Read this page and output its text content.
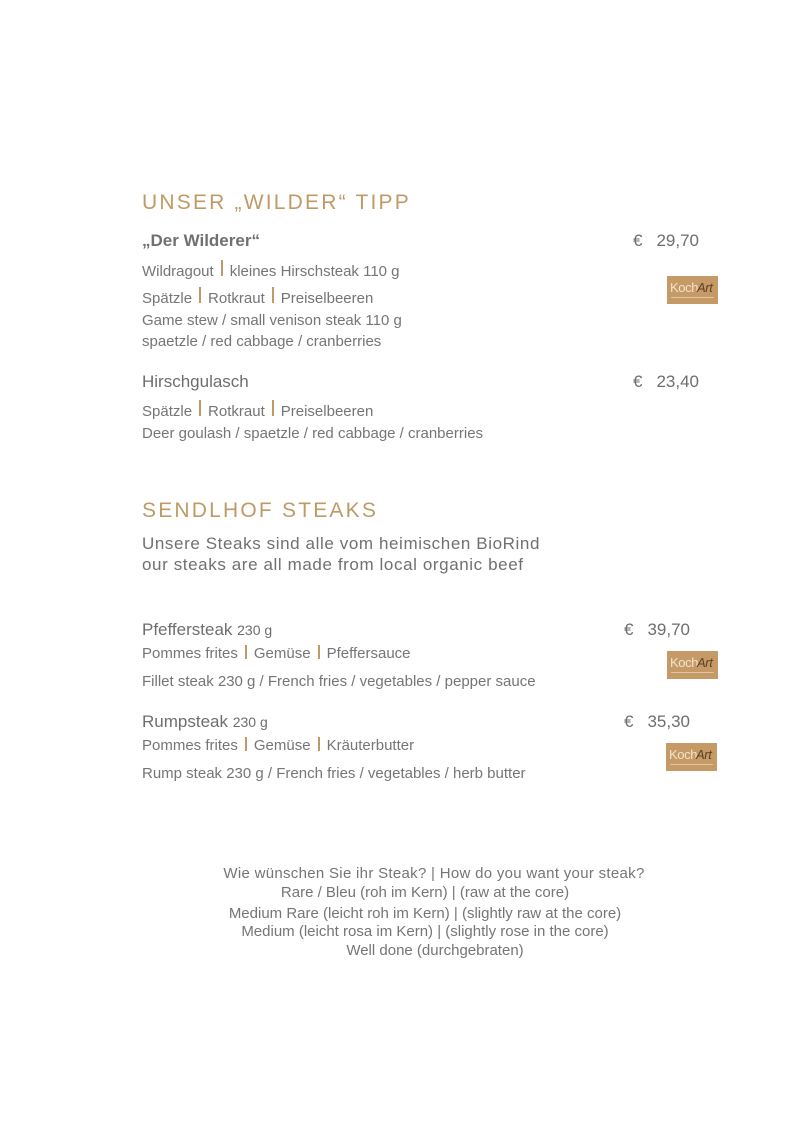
UNSER „WILDER“ TIPP
„Der Wilderer“	€ 29,70
Wildragout kleines Hirschsteak 110 g
Spätzle Rotkraut Preiselbeeren
Koch
Art
Game stew / small venison steak 110 g
spaetzle / red cabbage / cranberries
Hirschgulasch	€ 23,40
Spätzle Rotkraut Preiselbeeren
Deer goulash / spaetzle / red cabbage / cranberries
SENDLHOF STEAKS
Unsere Steaks sind alle vom heimischen BioRind
our steaks are all made from local organic beef
Pfeffersteak 230 g	€ 39,70
Pommes frites Gemüse Pfeffersauce
Koch
Art
Fillet steak 230 g / French fries / vegetables / pepper sauce
Rumpsteak 230 g	€ 35,30
Pommes frites Gemüse Kräuterbutter
Koch
Art
Rump steak 230 g / French fries / vegetables / herb butter
Wie wünschen Sie ihr Steak? | How do you want your steak?
Rare / Bleu (roh im Kern) | (raw at the core)
Medium Rare (leicht roh im Kern) | (slightly raw at the core)
Medium (leicht rosa im Kern) | (slightly rose in the core)
Well done (durchgebraten)
